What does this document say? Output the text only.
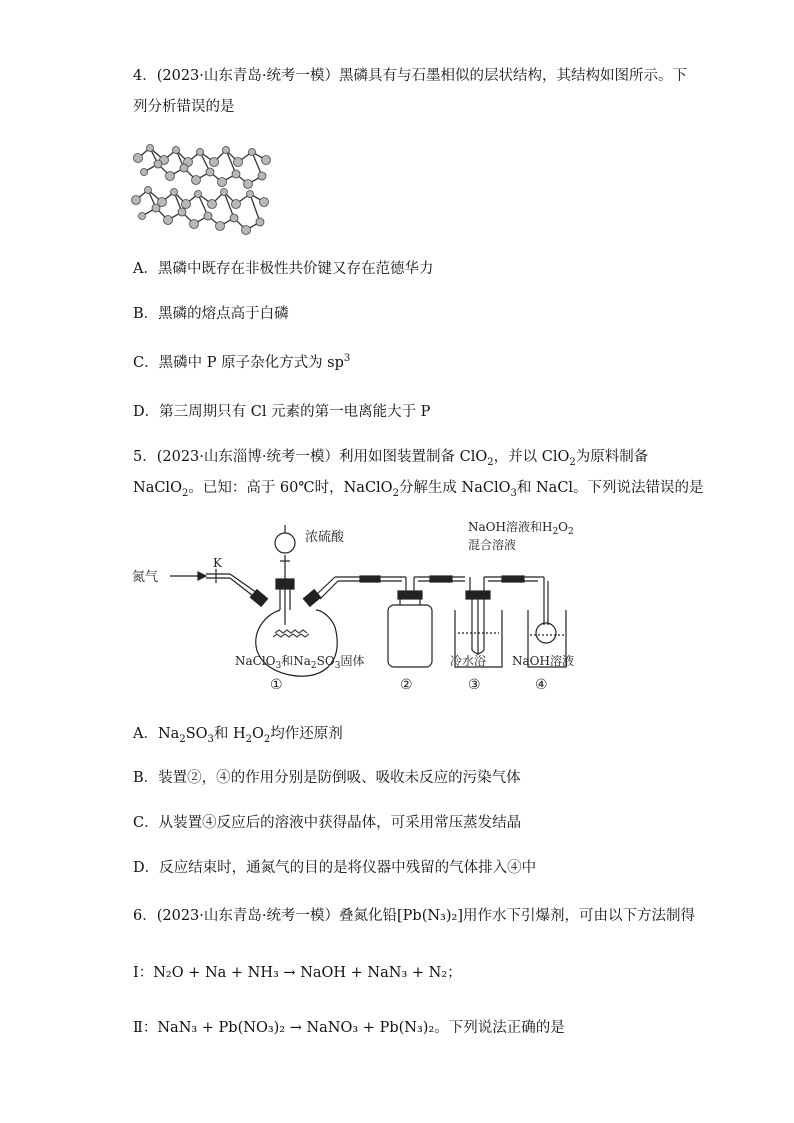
4．(2023·山东青岛·统考一模）黑磷具有与石墨相似的层状结构，其结构如图所示。下
列分析错误的是
A．黑磷中既存在非极性共价键又存在范德华力
B．黑磷的熔点高于白磷
C．黑磷中 P 原子杂化方式为 $sp^3$
D．第三周期只有 Cl 元素的第一电离能大于 P
5．(2023·山东淄博·统考一模）利用如图装置制备 ClO$_2$，并以 ClO$_2$为原料制备
NaClO$_2$。已知：高于 60℃时，NaClO$_2$分解生成 NaClO$_3$和 NaCl。下列说法错误的是
氮气
K
浓硫酸
NaOH溶液和$H_2O_2$
混合溶液
NaClO$_3$和$Na_2SO_3$固体	冷水浴 NaOH溶液
①	②	③	④
A．$Na_2SO_3$和 $H_2O_2$均作还原剂
B．装置②，④的作用分别是防倒吸、吸收未反应的污染气体
C．从装置④反应后的溶液中获得晶体，可采用常压蒸发结晶
D．反应结束时，通氮气的目的是将仪器中残留的气体排入④中
6．(2023·山东青岛·统考一模）叠氮化铅[Pb(N₃)₂]用作水下引爆剂，可由以下方法制得
Ⅰ：N₂O + Na + NH₃ → NaOH + NaN₃ + N₂；
Ⅱ：NaN₃ + Pb(NO₃)₂ → NaNO₃ + Pb(N₃)₂。下列说法正确的是
